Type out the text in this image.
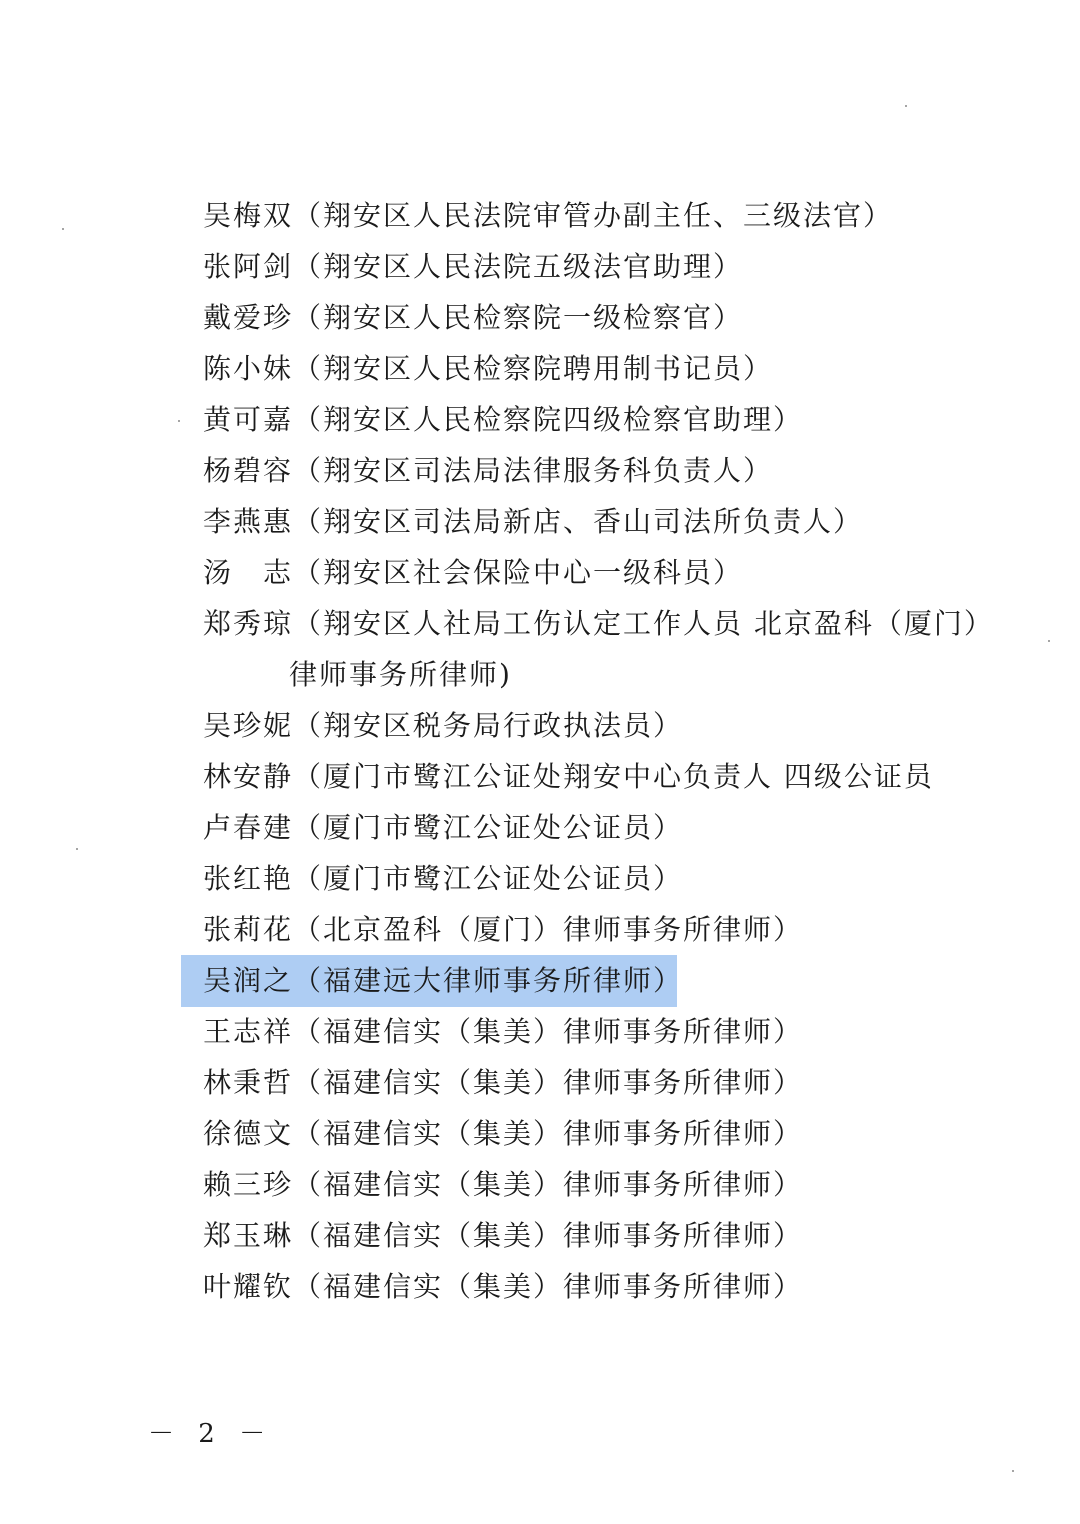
吴梅双（翔安区人民法院审管办副主任、三级法官）
张阿剑（翔安区人民法院五级法官助理）
戴爱珍（翔安区人民检察院一级检察官）
陈小妹（翔安区人民检察院聘用制书记员）
黄可嘉（翔安区人民检察院四级检察官助理）
杨碧容（翔安区司法局法律服务科负责人）
李燕惠（翔安区司法局新店、香山司法所负责人）
汤　志（翔安区社会保险中心一级科员）
郑秀琼（翔安区人社局工伤认定工作人员 北京盈科（厦门）
律师事务所律师)
吴珍妮（翔安区税务局行政执法员）
林安静（厦门市鹭江公证处翔安中心负责人 四级公证员
卢春建（厦门市鹭江公证处公证员）
张红艳（厦门市鹭江公证处公证员）
张莉花（北京盈科（厦门）律师事务所律师）
吴润之（福建远大律师事务所律师）
王志祥（福建信实（集美）律师事务所律师）
林秉哲（福建信实（集美）律师事务所律师）
徐德文（福建信实（集美）律师事务所律师）
赖三珍（福建信实（集美）律师事务所律师）
郑玉琳（福建信实（集美）律师事务所律师）
叶耀钦（福建信实（集美）律师事务所律师）
－ 2 －
